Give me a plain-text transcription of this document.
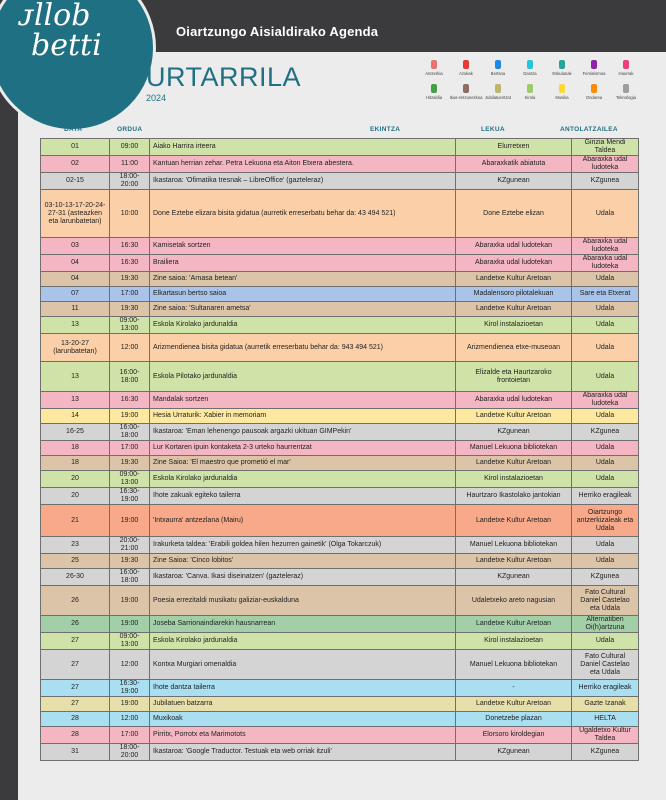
Oiartzungo Aisialdirako Agenda
ᴊllob
betti
URTARRILA
2024
Antzerkia	Azokak	Bertsoa	Dantza	Eskulanak	Feminismoa	Haurrak
Hitzaldia	Ikus-entzunezkoa Jubilatuentzat	Kirola	Musika	Ondarea	Teknologia
DATA	ORDUA	EKINTZA	LEKUA	ANTOLATZAILEA
01	09:00	Aiako Harrira irteera	Elurretxen	Girizia Mendi Taldea
02	11:00	Kantuan herrian zehar. Petra Lekuona eta Aiton Etxera abestera.	Abaraxkatik abiatuta	Abaraxka udal ludoteka
02-15	18:00-20:00	Ikastaroa: 'Ofimatika tresnak – LibreOffice' (gazteleraz)	KZgunean	KZgunea
03-10-13-17-20-24-27-31 (asteazken eta larunbatetan)	10:00	Done Eztebe elizara bisita gidatua (aurretik erreserbatu behar da: 43 494 521)	Done Eztebe elizan	Udala
03	16:30	Kamisetak sortzen	Abaraxka udal ludotekan	Abaraxka udal ludoteka
04	16:30	Brailiera	Abaraxka udal ludotekan	Abaraxka udal ludoteka
04	19:30	Zine saioa: 'Arnasa betean'	Landetxe Kultur Aretoan	Udala
07	17:00	Elkartasun bertso saioa	Madalensoro pilotalekuan	Sare eta Etxerat
11	19:30	Zine saioa: 'Sultanaren ametsa'	Landetxe Kultur Aretoan	Udala
13	09:00-13:00	Eskola Kirolako jardunaldia	Kirol instalazioetan	Udala
13-20-27 (larunbatetan)	12:00	Arizmendienea bisita gidatua (aurretik erreserbatu behar da: 943 494 521)	Arizmendienea etxe-museoan	Udala
13	16:00-18:00	Eskola Pilotako jardunaldia	Elizalde eta Haurtzaroko frontoietan	Udala
13	16:30	Mandalak sortzen	Abaraxka udal ludotekan	Abaraxka udal ludoteka
14	19:00	Hesia Urraturik: Xabier in memoriam	Landetxe Kultur Aretoan	Udala
16-25	16:00-18:00	Ikastaroa: 'Eman lehenengo pausoak argazki ukituan GIMPekin'	KZgunean	KZgunea
18	17:00	Lur Kortaren ipuin kontaketa 2-3 urteko haurrentzat	Manuel Lekuona bibliotekan	Udala
18	19:30	Zine Saioa: 'El maestro que prometió el mar'	Landetxe Kultur Aretoan	Udala
20	09:00-13:00	Eskola Kirolako jardunaldia	Kirol instalazioetan	Udala
20	16:30-19:00	Ihote zakuak egiteko tailerra	Haurtzaro Ikastolako jantokian	Herriko eragileak
21	19:00	'Intxaurra' antzezlana (Mairu)	Landetxe Kultur Aretoan	Oiartzungo antzerkizaleak eta Udala
23	20:00-21:00	Irakurketa taldea: 'Erabili goldea hilen hezurren gainetik' (Olga Tokarczuk)	Manuel Lekuona bibliotekan	Udala
25	19:30	Zine Saioa: 'Cinco lobitos'	Landetxe Kultur Aretoan	Udala
26-30	16:00-18:00	Ikastaroa: 'Canva. Ikasi diseinatzen' (gazteleraz)	KZgunean	KZgunea
26	19:00	Poesia errezitaldi musikatu galiziar-euskalduna	Udaletxeko areto nagusian	Fato Cultural Daniel Castelao eta Udala
26	19:00	Joseba Sarrionaindiarekin hausnarrean	Landetxe Kultur Aretoan	Alternatiben Oi(h)artzuna
27	09:00-13:00	Eskola Kirolako jardunaldia	Kirol instalazioetan	Udala
27	12:00	Kontxa Murgiari omenaldia	Manuel Lekuona bibliotekan	Fato Cultural Daniel Castelao eta Udala
27	16:30-19:00	Ihote dantza tailerra	-	Herriko eragileak
27	19:00	Jubilatuen batzarra	Landetxe Kultur Aretoan	Gazte Izanak
28	12:00	Muxikoak	Donetzebe plazan	HELTA
28	17:00	Pirritx, Porrotx eta Marimotots	Elorsoro kiroldegian	Ugaldetxo Kultur Taldea
31	18:00-20:00	Ikastaroa: 'Google Traductor. Testuak eta web orriak itzuli'	KZgunean	KZgunea
